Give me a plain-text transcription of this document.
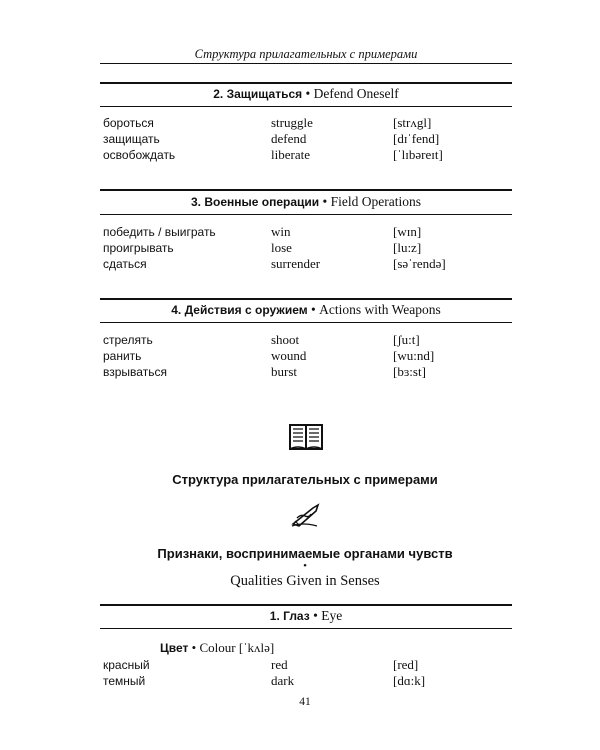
Структура прилагательных с примерами
2. Защищаться • Defend Oneself
бороться	struggle	[strʌgl]
защищать	defend	[dɪˈfend]
освобождать	liberate	[ˈlɪbəreɪt]
3. Военные операции • Field Operations
победить / выиграть	win	[wɪn]
проигрывать	lose	[lu:z]
сдаться	surrender	[səˈrendə]
4. Действия с оружием • Actions with Weapons
стрелять	shoot	[ʃu:t]
ранить	wound	[wu:nd]
взрываться	burst	[bɜ:st]
Структура прилагательных с примерами
Признаки, воспринимаемые органами чувств
•
Qualities Given in Senses
1. Глаз • Eye
Цвет • Colour [ˈkʌlə]
красный	red	[red]
темный	dark	[dɑ:k]
41
